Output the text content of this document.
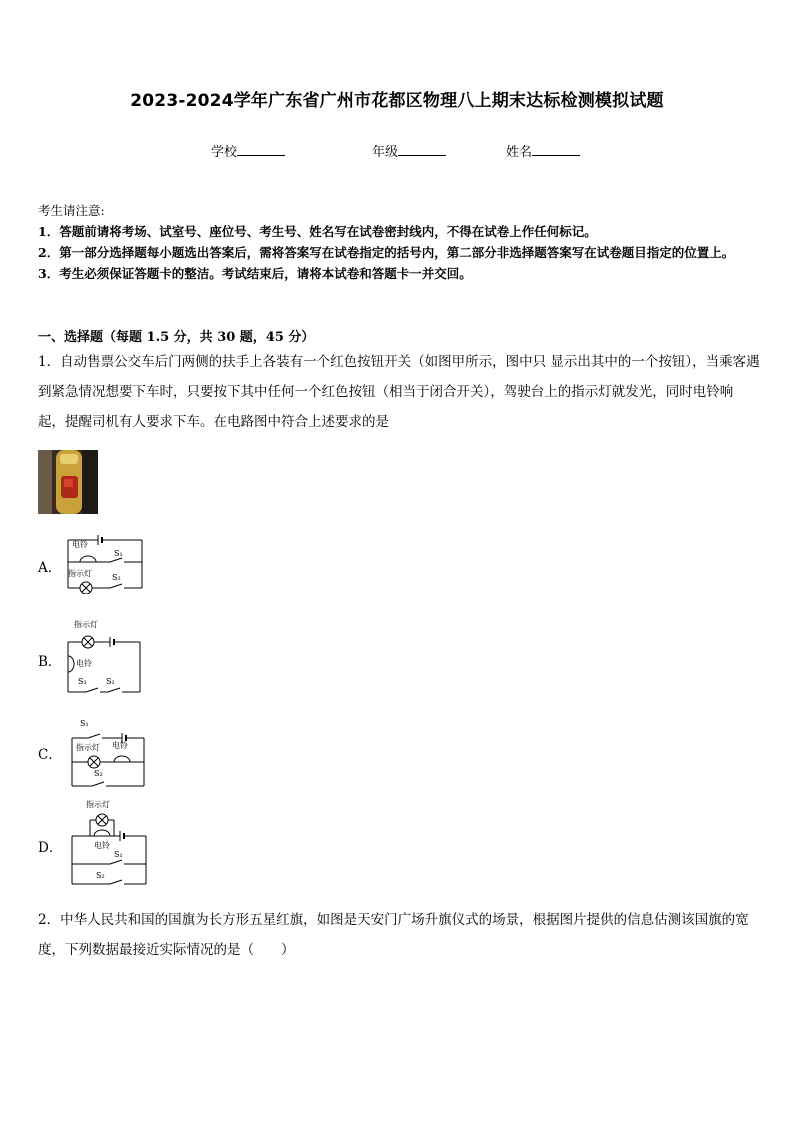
2023-2024学年广东省广州市花都区物理八上期末达标检测模拟试题
学校	年级	姓名

考生请注意:

1．答题前请将考场、试室号、座位号、考生号、姓名写在试卷密封线内，不得在试卷上作任何标记。

2．第一部分选择题每小题选出答案后，需将答案写在试卷指定的括号内，第二部分非选择题答案写在试卷题目指定的位置上。

3．考生必须保证答题卡的整洁。考试结束后，请将本试卷和答题卡一并交回。

一、选择题（每题 1.5 分，共 30 题，45 分）

1．自动售票公交车后门两侧的扶手上各装有一个红色按钮开关（如图甲所示，图中只 显示出其中的一个按钮），当乘客遇到紧急情况想要下车时，只要按下其中任何一个红色按钮（相当于闭合开关），驾驶台上的指示灯就发光，同时电铃响起，提醒司机有人要求下车。在电路图中符合上述要求的是

A．
电铃
S₁
指示灯	S₂
B．
指示灯
电铃
S₁ S₂
C．
S₁
指示灯 电铃
S₂
D．
指示灯
电铃
S₁
S₂

2．中华人民共和国的国旗为长方形五星红旗，如图是天安门广场升旗仪式的场景，根据图片提供的信息估测该国旗的宽度，下列数据最接近实际情况的是（　　）
